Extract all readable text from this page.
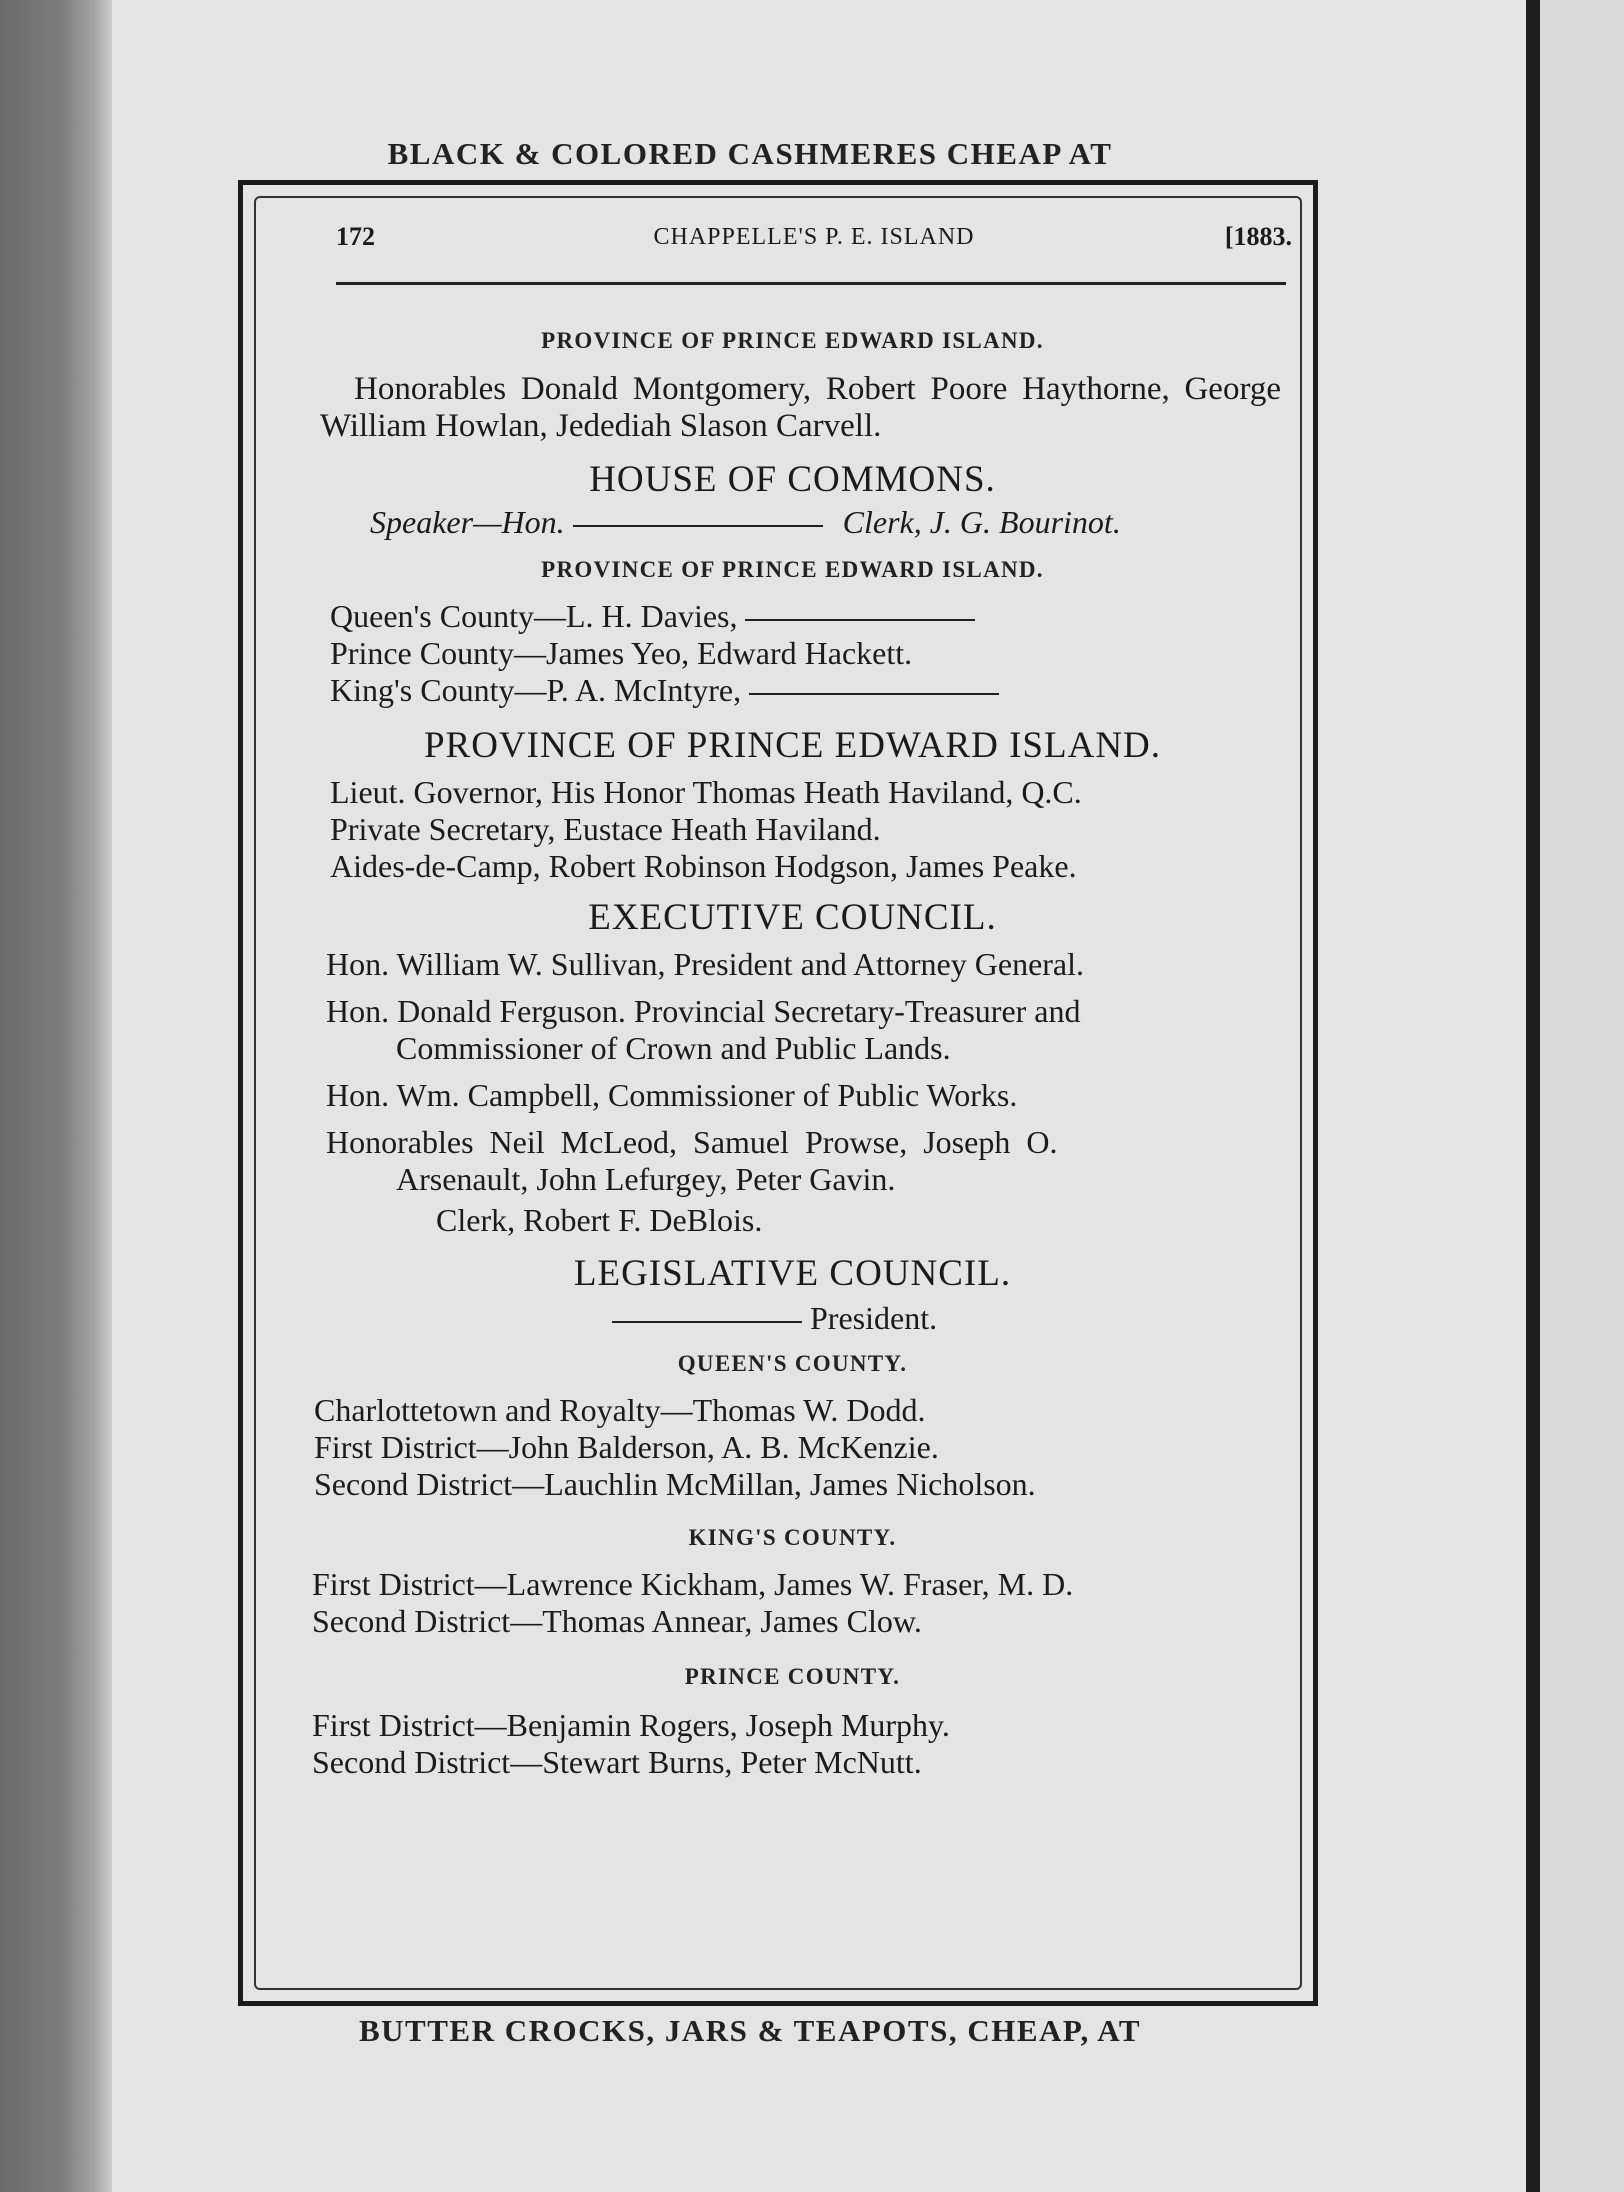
BLACK & COLORED CASHMERES CHEAP AT
172	CHAPPELLE'S P. E. ISLAND	[1883.
PROVINCE OF PRINCE EDWARD ISLAND.
Honorables Donald Montgomery, Robert Poore Haythorne, George William Howlan, Jedediah Slason Carvell.
HOUSE OF COMMONS.
Speaker—Hon.	Clerk, J. G. Bourinot.
PROVINCE OF PRINCE EDWARD ISLAND.
Queen's County—L. H. Davies,
Prince County—James Yeo, Edward Hackett.
King's County—P. A. McIntyre,
PROVINCE OF PRINCE EDWARD ISLAND.
Lieut. Governor, His Honor Thomas Heath Haviland, Q.C.
Private Secretary, Eustace Heath Haviland.
Aides-de-Camp, Robert Robinson Hodgson, James Peake.
EXECUTIVE COUNCIL.
Hon. William W. Sullivan, President and Attorney General.
Hon. Donald Ferguson. Provincial Secretary-Treasurer and
Commissioner of Crown and Public Lands.
Hon. Wm. Campbell, Commissioner of Public Works.
Honorables Neil McLeod, Samuel Prowse, Joseph O.
Arsenault, John Lefurgey, Peter Gavin.
Clerk, Robert F. DeBlois.
LEGISLATIVE COUNCIL.
President.
QUEEN'S COUNTY.
Charlottetown and Royalty—Thomas W. Dodd.
First District—John Balderson, A. B. McKenzie.
Second District—Lauchlin McMillan, James Nicholson.
KING'S COUNTY.
First District—Lawrence Kickham, James W. Fraser, M. D.
Second District—Thomas Annear, James Clow.
PRINCE COUNTY.
First District—Benjamin Rogers, Joseph Murphy.
Second District—Stewart Burns, Peter McNutt.
BUTTER CROCKS, JARS & TEAPOTS, CHEAP, AT
